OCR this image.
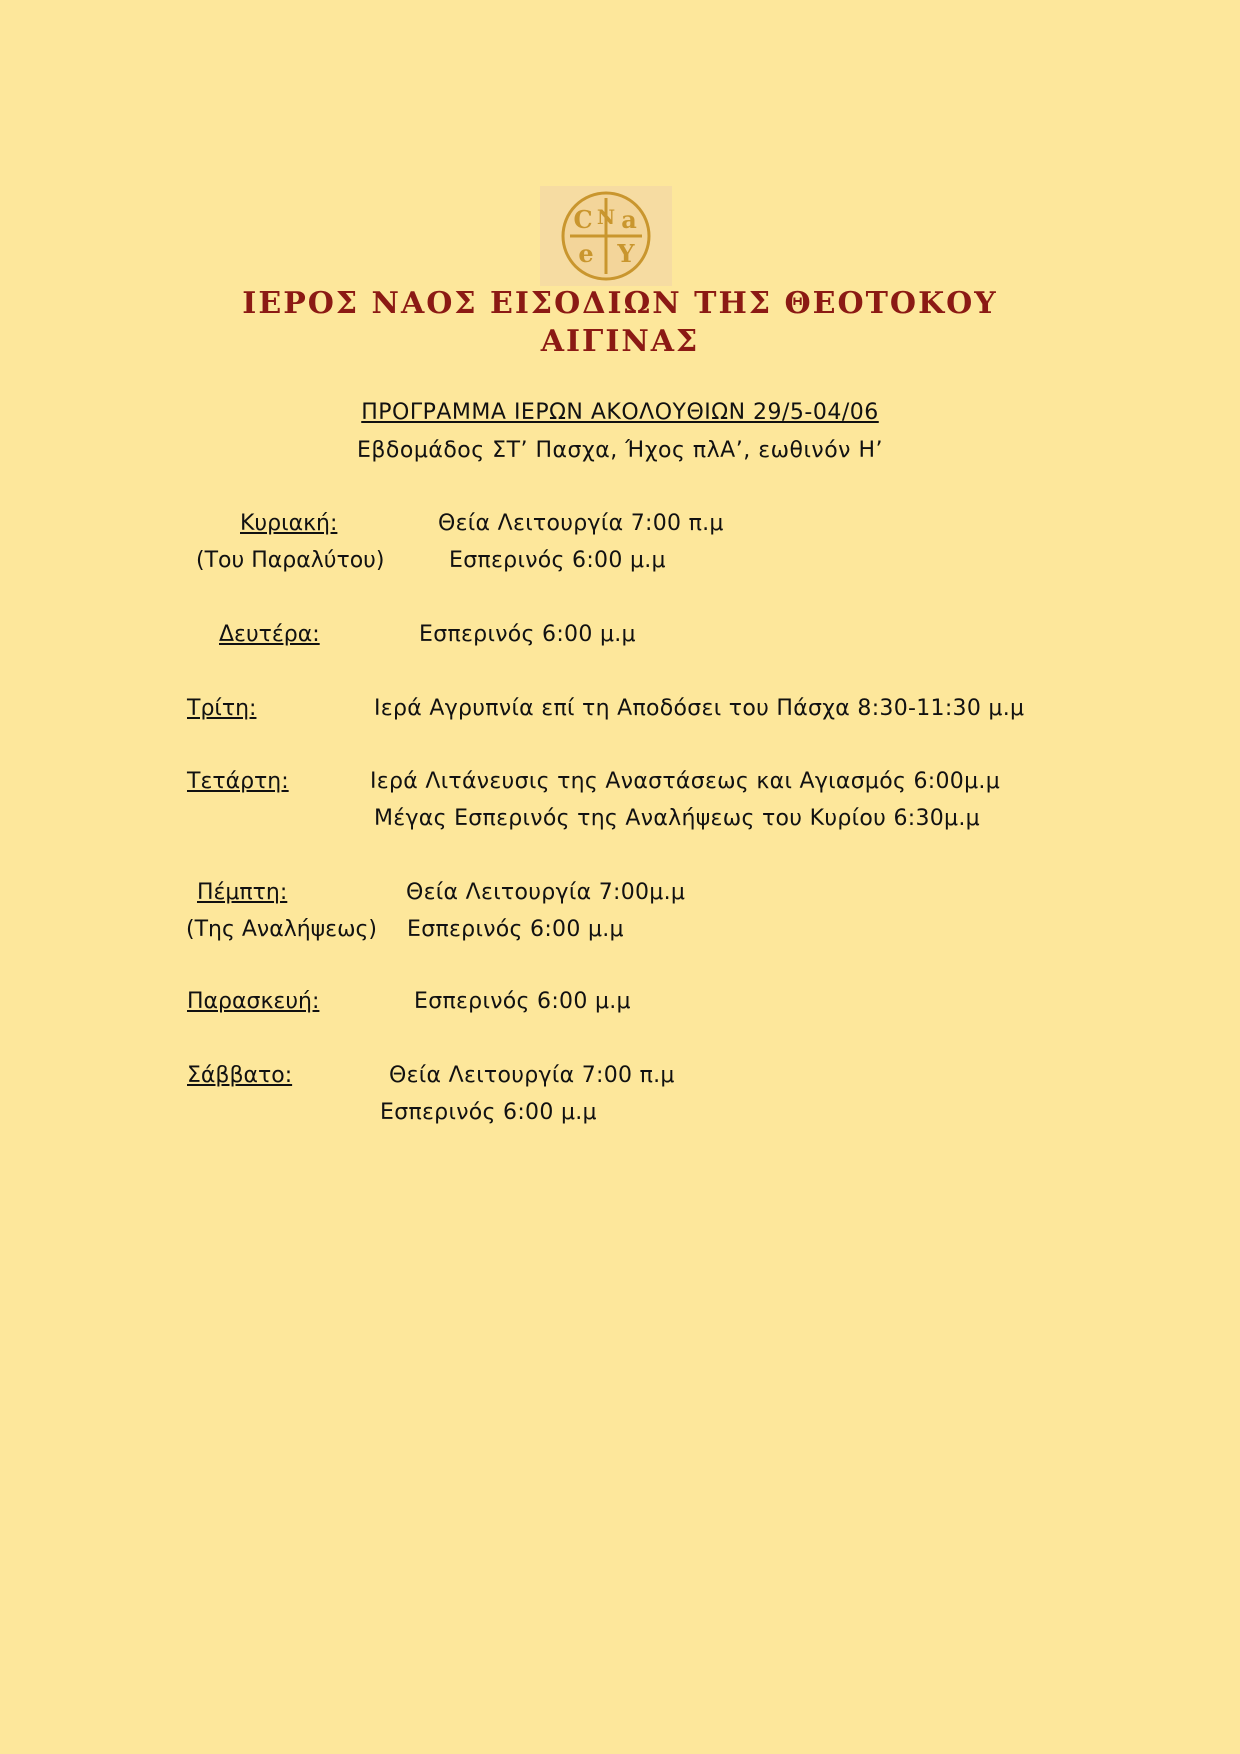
C N a
e Y
ΙΕΡΟΣ ΝΑΟΣ ΕΙΣΟΔΙΩΝ ΤΗΣ ΘΕΟΤΟΚΟΥ
ΑΙΓΙΝΑΣ
ΠΡΟΓΡΑΜΜΑ ΙΕΡΩΝ ΑΚΟΛΟΥΘΙΩΝ 29/5-04/06
Εβδομάδος ΣΤ’ Πασχα, Ήχος πλΑ’, εωθινόν Η’
Κυριακή:	Θεία Λειτουργία 7:00 π.μ
(Του Παραλύτου)	Εσπερινός 6:00 μ.μ
Δευτέρα:	Εσπερινός 6:00 μ.μ
Τρίτη:	Ιερά Αγρυπνία επί τη Αποδόσει του Πάσχα 8:30-11:30 μ.μ
Τετάρτη:	Ιερά Λιτάνευσις της Αναστάσεως και Αγιασμός 6:00μ.μ
Μέγας Εσπερινός της Αναλήψεως του Κυρίου 6:30μ.μ
Πέμπτη:	Θεία Λειτουργία 7:00μ.μ
(Της Αναλήψεως) Εσπερινός 6:00 μ.μ
Παρασκευή:	Εσπερινός 6:00 μ.μ
Σάββατο:	Θεία Λειτουργία 7:00 π.μ
Εσπερινός 6:00 μ.μ
